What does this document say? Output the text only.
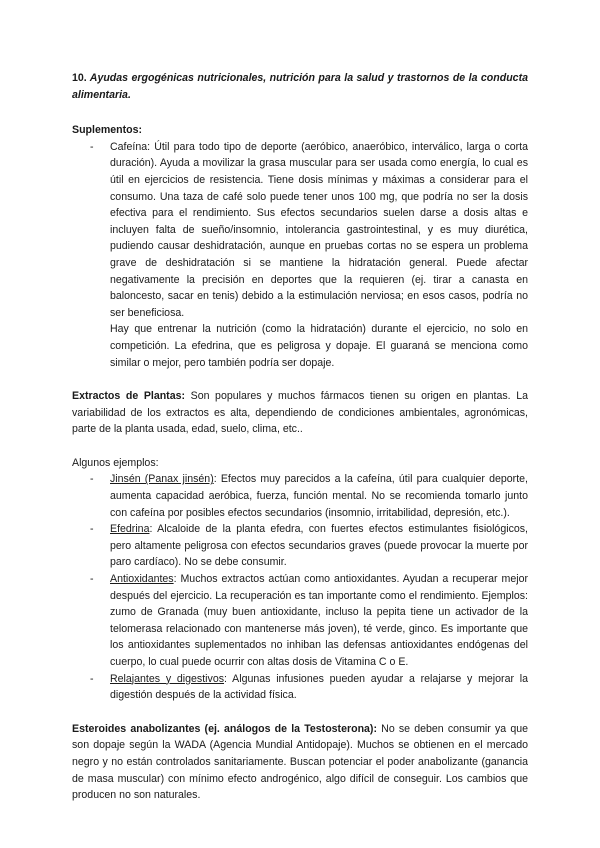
10. Ayudas ergogénicas nutricionales, nutrición para la salud y trastornos de la conducta alimentaria.

Suplementos:

- Cafeína: Útil para todo tipo de deporte (aeróbico, anaeróbico, interválico, larga o corta duración). Ayuda a movilizar la grasa muscular para ser usada como energía, lo cual es útil en ejercicios de resistencia. Tiene dosis mínimas y máximas a considerar para el consumo. Una taza de café solo puede tener unos 100 mg, que podría no ser la dosis efectiva para el rendimiento. Sus efectos secundarios suelen darse a dosis altas e incluyen falta de sueño/insomnio, intolerancia gastrointestinal, y es muy diurética, pudiendo causar deshidratación, aunque en pruebas cortas no se espera un problema grave de deshidratación si se mantiene la hidratación general. Puede afectar negativamente la precisión en deportes que la requieren (ej. tirar a canasta en baloncesto, sacar en tenis) debido a la estimulación nerviosa; en esos casos, podría no ser beneficiosa.

Hay que entrenar la nutrición (como la hidratación) durante el ejercicio, no solo en competición. La efedrina, que es peligrosa y dopaje. El guaraná se menciona como similar o mejor, pero también podría ser dopaje.

Extractos de Plantas: Son populares y muchos fármacos tienen su origen en plantas. La variabilidad de los extractos es alta, dependiendo de condiciones ambientales, agronómicas, parte de la planta usada, edad, suelo, clima, etc..

Algunos ejemplos:

- Jinsén (Panax jinsén): Efectos muy parecidos a la cafeína, útil para cualquier deporte, aumenta capacidad aeróbica, fuerza, función mental. No se recomienda tomarlo junto con cafeína por posibles efectos secundarios (insomnio, irritabilidad, depresión, etc.).
- Efedrina: Alcaloide de la planta efedra, con fuertes efectos estimulantes fisiológicos, pero altamente peligrosa con efectos secundarios graves (puede provocar la muerte por paro cardíaco). No se debe consumir.
- Antioxidantes: Muchos extractos actúan como antioxidantes. Ayudan a recuperar mejor después del ejercicio. La recuperación es tan importante como el rendimiento. Ejemplos: zumo de Granada (muy buen antioxidante, incluso la pepita tiene un activador de la telomerasa relacionado con mantenerse más joven), té verde, ginco. Es importante que los antioxidantes suplementados no inhiban las defensas antioxidantes endógenas del cuerpo, lo cual puede ocurrir con altas dosis de Vitamina C o E.
- Relajantes y digestivos: Algunas infusiones pueden ayudar a relajarse y mejorar la digestión después de la actividad física.

Esteroides anabolizantes (ej. análogos de la Testosterona): No se deben consumir ya que son dopaje según la WADA (Agencia Mundial Antidopaje). Muchos se obtienen en el mercado negro y no están controlados sanitariamente. Buscan potenciar el poder anabolizante (ganancia de masa muscular) con mínimo efecto androgénico, algo difícil de conseguir. Los cambios que producen no son naturales.
